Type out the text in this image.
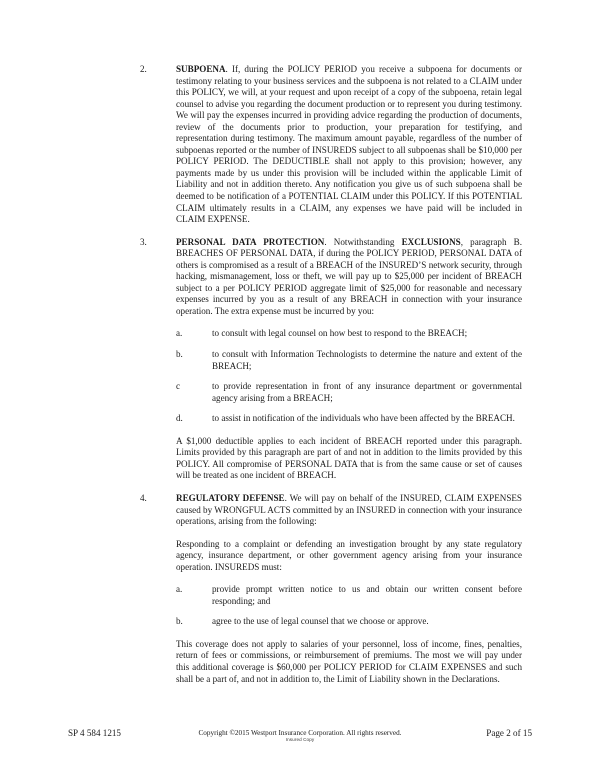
2.	SUBPOENA. If, during the POLICY PERIOD you receive a subpoena for documents or testimony relating to your business services and the subpoena is not related to a CLAIM under this POLICY, we will, at your request and upon receipt of a copy of the subpoena, retain legal counsel to advise you regarding the document production or to represent you during testimony. We will pay the expenses incurred in providing advice regarding the production of documents, review of the documents prior to production, your preparation for testifying, and representation during testimony. The maximum amount payable, regardless of the number of subpoenas reported or the number of INSUREDS subject to all subpoenas shall be $10,000 per POLICY PERIOD. The DEDUCTIBLE shall not apply to this provision; however, any payments made by us under this provision will be included within the applicable Limit of Liability and not in addition thereto. Any notification you give us of such subpoena shall be deemed to be notification of a POTENTIAL CLAIM under this POLICY. If this POTENTIAL CLAIM ultimately results in a CLAIM, any expenses we have paid will be included in CLAIM EXPENSE.
3.	PERSONAL DATA PROTECTION. Notwithstanding EXCLUSIONS, paragraph B. BREACHES OF PERSONAL DATA, if during the POLICY PERIOD, PERSONAL DATA of others is compromised as a result of a BREACH of the INSURED’S network security, through hacking, mismanagement, loss or theft, we will pay up to $25,000 per incident of BREACH subject to a per POLICY PERIOD aggregate limit of $25,000 for reasonable and necessary expenses incurred by you as a result of any BREACH in connection with your insurance operation. The extra expense must be incurred by you:
a.	to consult with legal counsel on how best to respond to the BREACH;
b.	to consult with Information Technologists to determine the nature and extent of the BREACH;
c	to provide representation in front of any insurance department or governmental agency arising from a BREACH;
d.	to assist in notification of the individuals who have been affected by the BREACH.
A $1,000 deductible applies to each incident of BREACH reported under this paragraph. Limits provided by this paragraph are part of and not in addition to the limits provided by this POLICY. All compromise of PERSONAL DATA that is from the same cause or set of causes will be treated as one incident of BREACH.
4.	REGULATORY DEFENSE. We will pay on behalf of the INSURED, CLAIM EXPENSES caused by WRONGFUL ACTS committed by an INSURED in connection with your insurance operations, arising from the following:
Responding to a complaint or defending an investigation brought by any state regulatory agency, insurance department, or other government agency arising from your insurance operation. INSUREDS must:
a.	provide prompt written notice to us and obtain our written consent before responding; and
b.	agree to the use of legal counsel that we choose or approve.
This coverage does not apply to salaries of your personnel, loss of income, fines, penalties, return of fees or commissions, or reimbursement of premiums. The most we will pay under this additional coverage is $60,000 per POLICY PERIOD for CLAIM EXPENSES and such shall be a part of, and not in addition to, the Limit of Liability shown in the Declarations.
SP 4 584 1215	Copyright ©2015 Westport Insurance Corporation. All rights reserved.
Insured Copy
Page 2 of 15
